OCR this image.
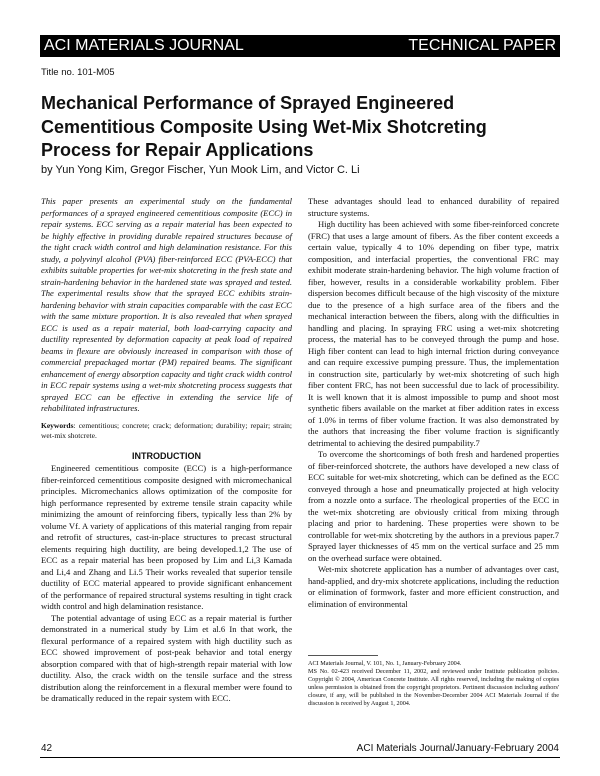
ACI MATERIALS JOURNAL	TECHNICAL PAPER
Title no. 101-M05
Mechanical Performance of Sprayed Engineered Cementitious Composite Using Wet-Mix Shotcreting Process for Repair Applications
by Yun Yong Kim, Gregor Fischer, Yun Mook Lim, and Victor C. Li

This paper presents an experimental study on the fundamental performances of a sprayed engineered cementitious composite (ECC) in repair systems. ECC serving as a repair material has been expected to be highly effective in providing durable repaired structures because of the tight crack width control and high delamination resistance. For this study, a polyvinyl alcohol (PVA) fiber-reinforced ECC (PVA-ECC) that exhibits suitable properties for wet-mix shotcreting in the fresh state and strain-hardening behavior in the hardened state was sprayed and tested. The experimental results show that the sprayed ECC exhibits strain-hardening behavior with strain capacities comparable with the cast ECC with the same mixture proportion. It is also revealed that when sprayed ECC is used as a repair material, both load-carrying capacity and ductility represented by deformation capacity at peak load of repaired beams in flexure are obviously increased in comparison with those of commercial prepackaged mortar (PM) repaired beams. The significant enhancement of energy absorption capacity and tight crack width control in ECC repair systems using a wet-mix shotcreting process suggests that sprayed ECC can be effective in extending the service life of rehabilitated infrastructures.

Keywords: cementitious; concrete; crack; deformation; durability; repair; strain; wet-mix shotcrete.

INTRODUCTION

Engineered cementitious composite (ECC) is a high-performance fiber-reinforced cementitious composite designed with micromechanical principles. Micromechanics allows optimization of the composite for high performance represented by extreme tensile strain capacity while minimizing the amount of reinforcing fibers, typically less than 2% by volume Vf. A variety of applications of this material ranging from repair and retrofit of structures, cast-in-place structures to precast structural elements requiring high ductility, are being developed.1,2 The use of ECC as a repair material has been proposed by Lim and Li,3 Kamada and Li,4 and Zhang and Li.5 Their works revealed that superior tensile ductility of ECC material appeared to provide significant enhancement of the performance of repaired structural systems resulting in tight crack width control and high delamination resistance.

The potential advantage of using ECC as a repair material is further demonstrated in a numerical study by Lim et al.6 In that work, the flexural performance of a repaired system with high ductility such as ECC showed improvement of post-peak behavior and total energy absorption compared with that of high-strength repair material with low ductility. Also, the crack width on the tensile surface and the stress distribution along the reinforcement in a flexural member were found to be dramatically reduced in the repair system with ECC.

These advantages should lead to enhanced durability of repaired structure systems.

High ductility has been achieved with some fiber-reinforced concrete (FRC) that uses a large amount of fibers. As the fiber content exceeds a certain value, typically 4 to 10% depending on fiber type, matrix composition, and interfacial properties, the conventional FRC may exhibit moderate strain-hardening behavior. The high volume fraction of fiber, however, results in a considerable workability problem. Fiber dispersion becomes difficult because of the high viscosity of the mixture due to the presence of a high surface area of the fibers and the mechanical interaction between the fibers, along with the difficulties in handling and placing. In spraying FRC using a wet-mix shotcreting process, the material has to be conveyed through the pump and hose. High fiber content can lead to high internal friction during conveyance and can require excessive pumping pressure. Thus, the implementation in construction site, particularly by wet-mix shotcreting of such high fiber content FRC, has not been successful due to lack of processibility. It is well known that it is almost impossible to pump and shoot most synthetic fibers available on the market at fiber addition rates in excess of 1.0% in terms of fiber volume fraction. It was also demonstrated by the authors that increasing the fiber volume fraction is significantly detrimental to achieving the desired pumpability.7

To overcome the shortcomings of both fresh and hardened properties of fiber-reinforced shotcrete, the authors have developed a new class of ECC suitable for wet-mix shotcreting, which can be defined as the ECC conveyed through a hose and pneumatically projected at high velocity from a nozzle onto a surface. The rheological properties of the ECC in the wet-mix shotcreting are obviously critical from mixing through placing and prior to hardening. These properties were shown to be controllable for wet-mix shotcreting by the authors in a previous paper.7 Sprayed layer thicknesses of 45 mm on the vertical surface and 25 mm on the overhead surface were obtained.

Wet-mix shotcrete application has a number of advantages over cast, hand-applied, and dry-mix shotcrete applications, including the reduction or elimination of formwork, faster and more efficient construction, and elimination of environmental

ACI Materials Journal, V. 101, No. 1, January-February 2004.

MS No. 02-423 received December 11, 2002, and reviewed under Institute publication policies. Copyright © 2004, American Concrete Institute. All rights reserved, including the making of copies unless permission is obtained from the copyright proprietors. Pertinent discussion including authors' closure, if any, will be published in the November-December 2004 ACI Materials Journal if the discussion is received by August 1, 2004.

42	ACI Materials Journal/January-February 2004
